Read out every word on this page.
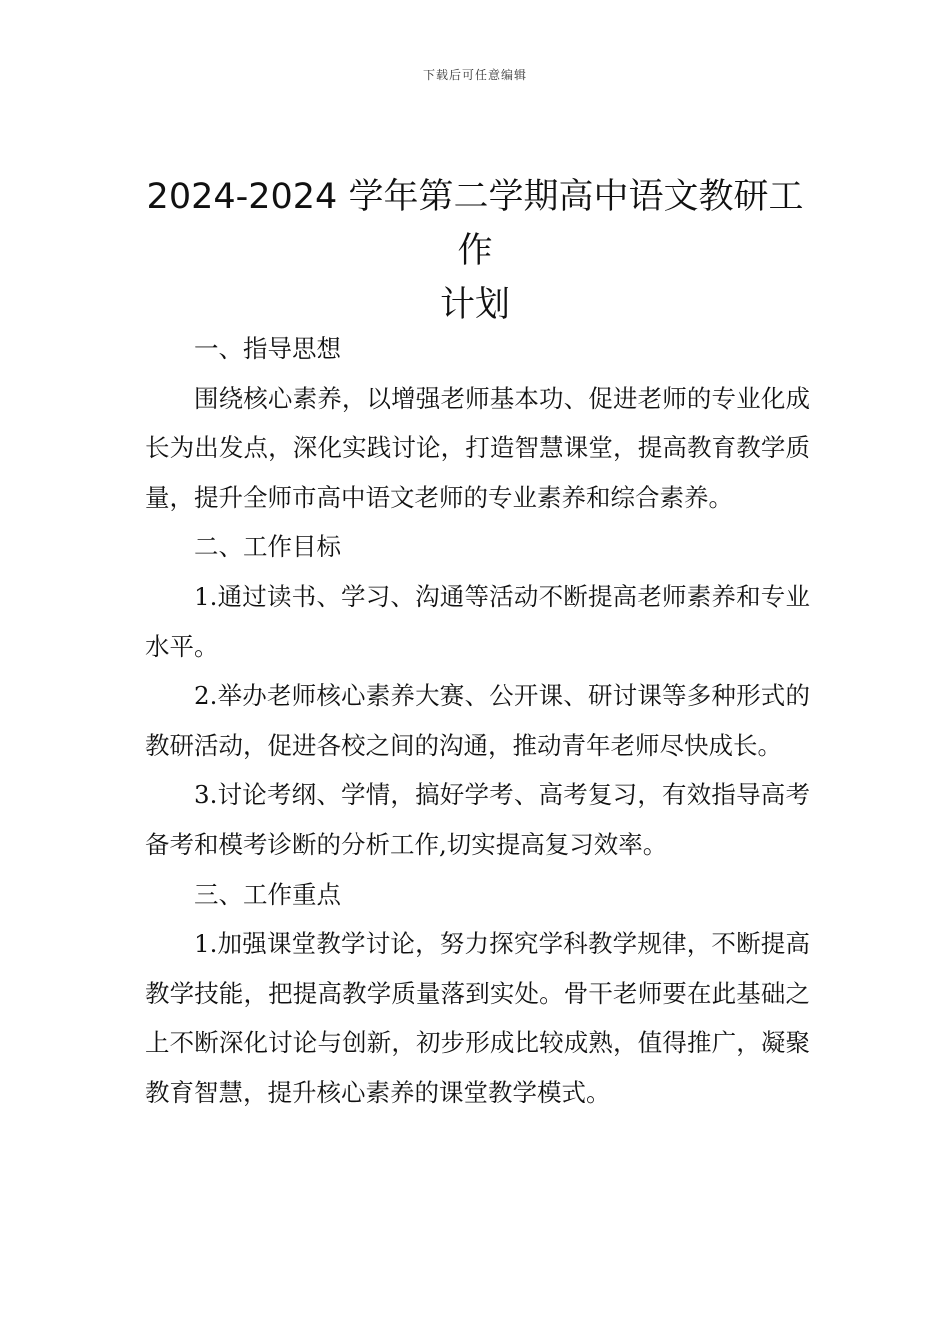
下载后可任意编辑
2024-2024 学年第二学期高中语文教研工作
计划

一、指导思想

围绕核心素养，以增强老师基本功、促进老师的专业化成长为出发点，深化实践讨论，打造智慧课堂，提高教育教学质量，提升全师市高中语文老师的专业素养和综合素养。

二、工作目标

1.通过读书、学习、沟通等活动不断提高老师素养和专业水平。

2.举办老师核心素养大赛、公开课、研讨课等多种形式的教研活动，促进各校之间的沟通，推动青年老师尽快成长。

3.讨论考纲、学情，搞好学考、高考复习，有效指导高考备考和模考诊断的分析工作,切实提高复习效率。

三、工作重点

1.加强课堂教学讨论，努力探究学科教学规律，不断提高教学技能，把提高教学质量落到实处。骨干老师要在此基础之上不断深化讨论与创新，初步形成比较成熟，值得推广，凝聚教育智慧，提升核心素养的课堂教学模式。
